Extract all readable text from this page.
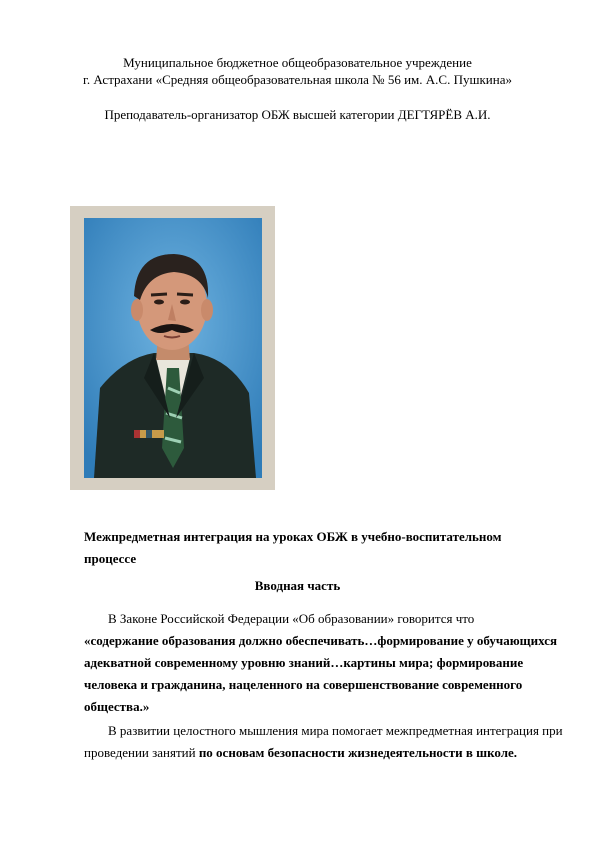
Муниципальное бюджетное общеобразовательное учреждение
г. Астрахани «Средняя общеобразовательная школа № 56 им. А.С. Пушкина»
Преподаватель-организатор ОБЖ высшей категории ДЕГТЯРЁВ А.И.
Межпредметная интеграция на уроках ОБЖ в учебно-воспитательном процессе
Вводная часть
В Законе Российской Федерации «Об образовании» говорится что
«содержание образования должно обеспечивать…формирование у обучающихся адекватной современному уровню знаний…картины мира; формирование человека и гражданина, нацеленного на совершенствование современного общества.»
В развитии целостного мышления мира помогает межпредметная интеграция при проведении занятий по основам безопасности жизнедеятельности в школе.
